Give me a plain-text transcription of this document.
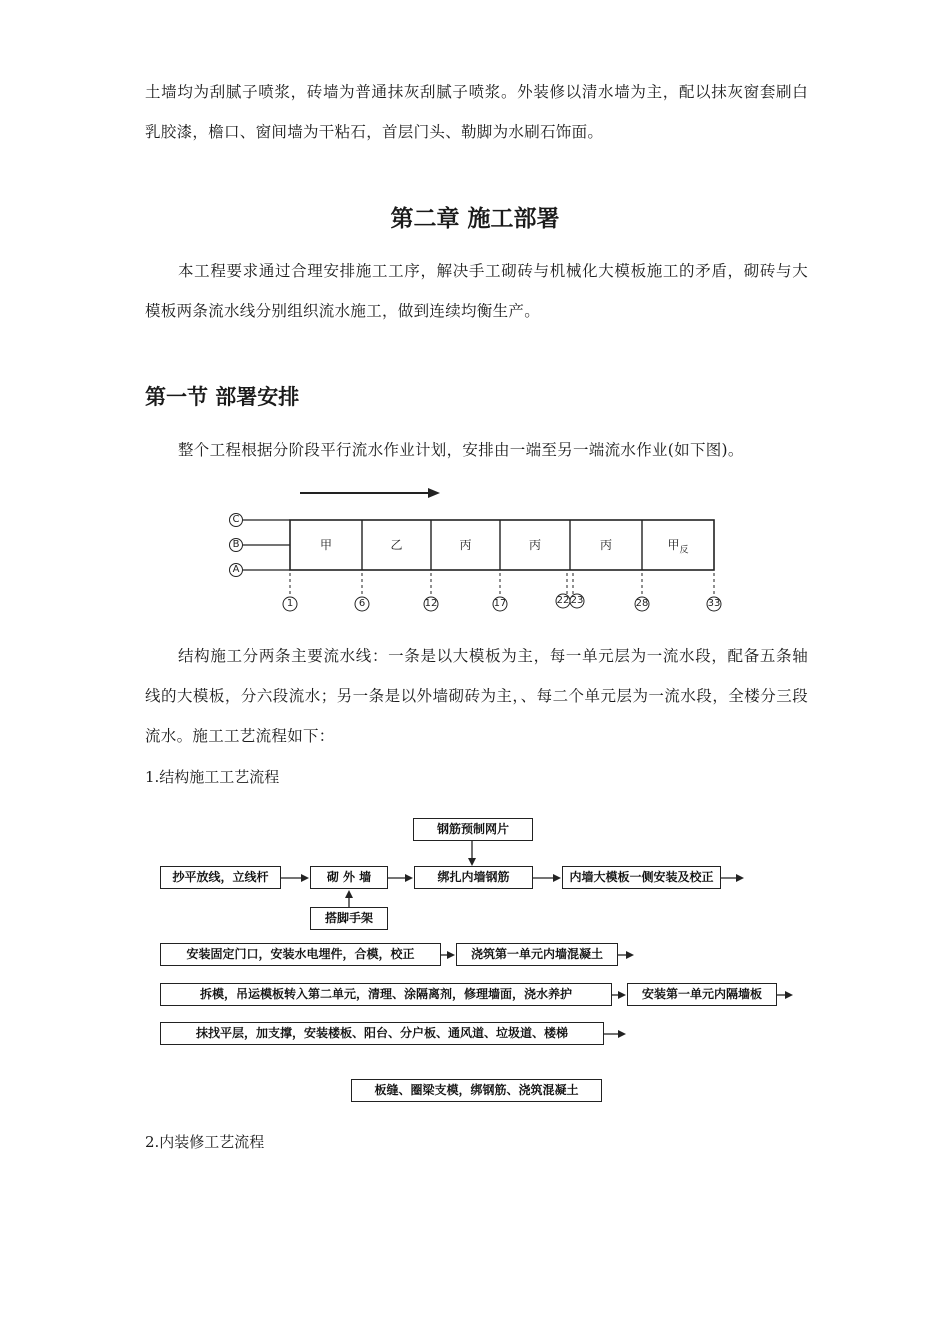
土墙均为刮腻子喷浆，砖墙为普通抹灰刮腻子喷浆。外装修以清水墙为主，配以抹灰窗套刷白乳胶漆，檐口、窗间墙为干粘石，首层门头、勒脚为水刷石饰面。
第二章 施工部署
本工程要求通过合理安排施工工序，解决手工砌砖与机械化大模板施工的矛盾，砌砖与大模板两条流水线分别组织流水施工，做到连续均衡生产。
第一节 部署安排
整个工程根据分阶段平行流水作业计划，安排由一端至另一端流水作业(如下图)。
C
B
A
甲	乙	丙	丙	丙	甲$_反$
1	6	12	17	22 23	28	33
结构施工分两条主要流水线：一条是以大模板为主，每一单元层为一流水段，配备五条轴线的大模板，分六段流水；另一条是以外墙砌砖为主，、每二个单元层为一流水段，全楼分三段流水。施工工艺流程如下：
1.结构施工工艺流程
钢筋预制网片
抄平放线，立线杆	砌 外 墙	绑扎内墙钢筋	内墙大模板一侧安装及校正
搭脚手架
安装固定门口，安装水电埋件，合模，校正	浇筑第一单元内墙混凝土
拆模，吊运模板转入第二单元，清理、涂隔离剂，修理墙面，浇水养护	安装第一单元内隔墙板
抹找平层，加支撑，安装楼板、阳台、分户板、通风道、垃圾道、楼梯
板缝、圈梁支模，绑钢筋、浇筑混凝土
2.内装修工艺流程
